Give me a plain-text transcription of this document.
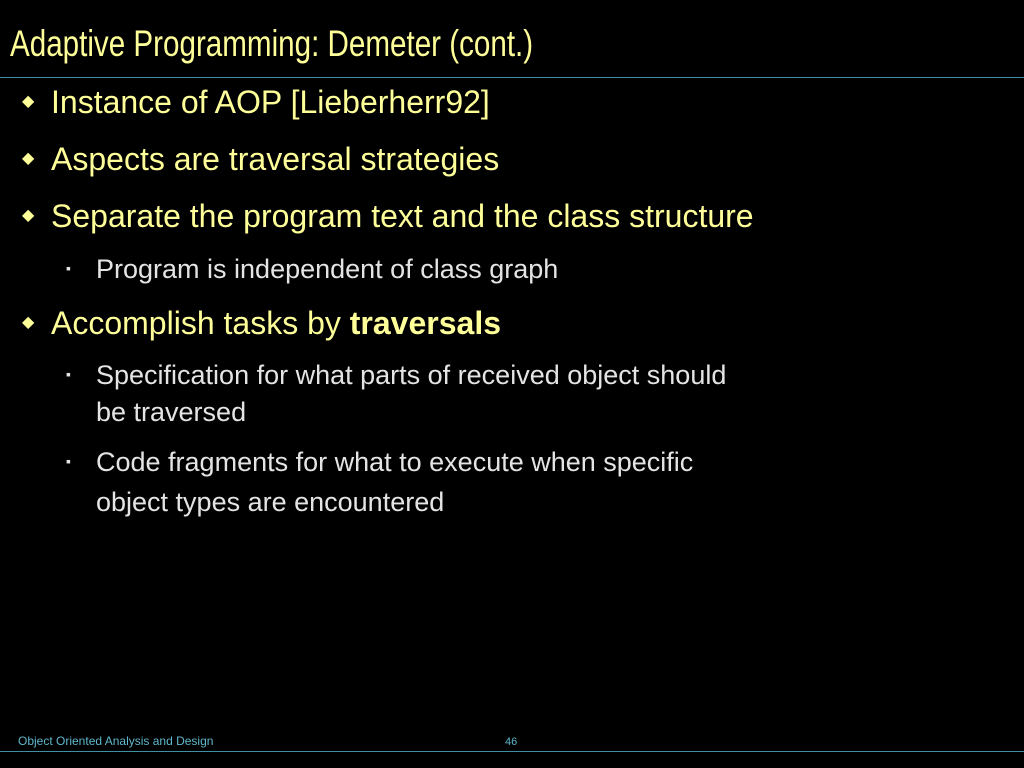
Adaptive Programming: Demeter (cont.)
◆ Instance of AOP [Lieberherr92]
◆ Aspects are traversal strategies
◆ Separate the program text and the class structure
▪ Program is independent of class graph
◆ Accomplish tasks by traversals
▪ Specification for what parts of received object should
be traversed
▪ Code fragments for what to execute when specific
object types are encountered
Object Oriented Analysis and Design	46
